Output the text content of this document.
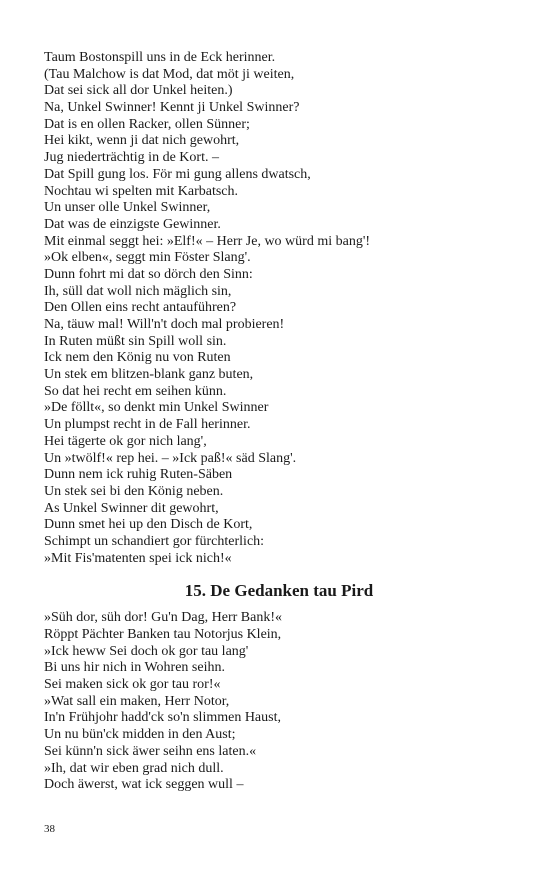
Taum Bostonspill uns in de Eck herinner.
(Tau Malchow is dat Mod, dat möt ji weiten,
Dat sei sick all dor Unkel heiten.)
Na, Unkel Swinner! Kennt ji Unkel Swinner?
Dat is en ollen Racker, ollen Sünner;
Hei kikt, wenn ji dat nich gewohrt,
Jug niederträchtig in de Kort. –
Dat Spill gung los. För mi gung allens dwatsch,
Nochtau wi spelten mit Karbatsch.
Un unser olle Unkel Swinner,
Dat was de einzigste Gewinner.
Mit einmal seggt hei: »Elf!« – Herr Je, wo würd mi bang'!
»Ok elben«, seggt min Föster Slang'.
Dunn fohrt mi dat so dörch den Sinn:
Ih, süll dat woll nich mäglich sin,
Den Ollen eins recht antauführen?
Na, täuw mal! Will'n't doch mal probieren!
In Ruten müßt sin Spill woll sin.
Ick nem den König nu von Ruten
Un stek em blitzen-blank ganz buten,
So dat hei recht em seihen künn.
»De föllt«, so denkt min Unkel Swinner
Un plumpst recht in de Fall herinner.
Hei tägerte ok gor nich lang',
Un »twölf!« rep hei. – »Ick paß!« säd Slang'.
Dunn nem ick ruhig Ruten-Säben
Un stek sei bi den König neben.
As Unkel Swinner dit gewohrt,
Dunn smet hei up den Disch de Kort,
Schimpt un schandiert gor fürchterlich:
»Mit Fis'matenten spei ick nich!«
15. De Gedanken tau Pird
»Süh dor, süh dor! Gu'n Dag, Herr Bank!«
Röppt Pächter Banken tau Notorjus Klein,
»Ick heww Sei doch ok gor tau lang'
Bi uns hir nich in Wohren seihn.
Sei maken sick ok gor tau ror!«
»Wat sall ein maken, Herr Notor,
In'n Frühjohr hadd'ck so'n slimmen Haust,
Un nu bün'ck midden in den Aust;
Sei künn'n sick äwer seihn ens laten.«
»Ih, dat wir eben grad nich dull.
Doch äwerst, wat ick seggen wull –
38
